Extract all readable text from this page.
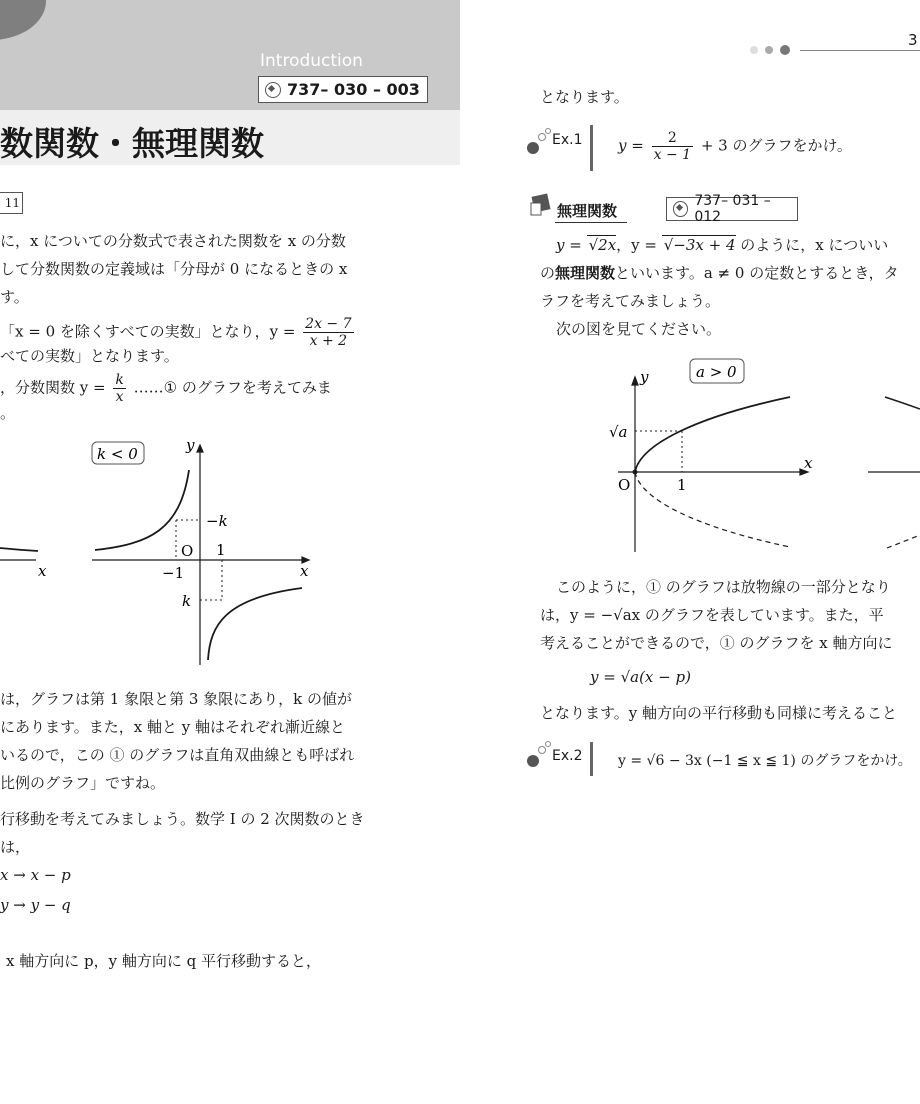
Introduction
737– 030 – 003
数関数・無理関数
11
に，x についての分数式で表された関数を x の分数
して分数関数の定義域は「分母が 0 になるときの x
す。
「x = 0 を除くすべての実数」となり，$y = \frac{2x - 7}{x + 2}$
べての実数」となります。
，分数関数 $y = \frac{k}{x}$ ……① のグラフを考えてみま
。
k < 0	y
x
x
−k
O 1
−1
k
は，グラフは第 1 象限と第 3 象限にあり，k の値が
にあります。また，x 軸と y 軸はそれぞれ漸近線と
いるので，この ① のグラフは直角双曲線とも呼ばれ
比例のグラフ」ですね。
行移動を考えてみましょう。数学 I の 2 次関数のとき
は，
x → x − p
y → y − q
x 軸方向に p，y 軸方向に q 平行移動すると，
3
となります。
Ex.1 $y = \frac{2}{x - 1} + 3$ のグラフをかけ。
無理関数
737– 031 – 012
y = √2x，y = √−3x + 4 のように，x についい
の無理関数といいます。a ≠ 0 の定数とするとき，タ
ラフを考えてみましょう。
次の図を見てください。
a > 0
y
x
√a
O	1
このように，① のグラフは放物線の一部分となり
は，y = −√ax のグラフを表しています。また，平
考えることができるので，① のグラフを x 軸方向に
y = √a(x − p)
となります。y 軸方向の平行移動も同様に考えること
Ex.2	y = √6 − 3x (−1 ≦ x ≦ 1) のグラフをかけ。
